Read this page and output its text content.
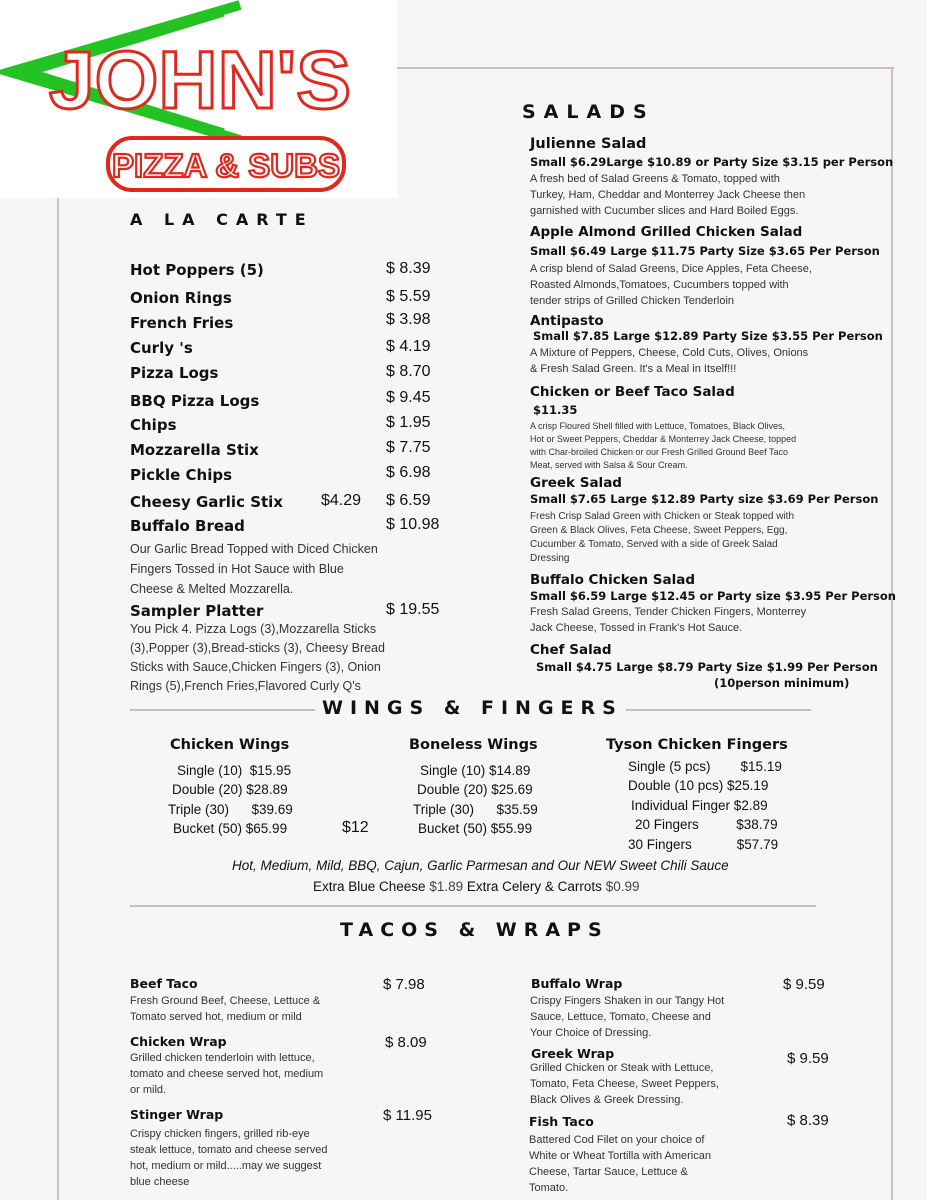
JOHN'S
PIZZA & SUBS
A LA CARTE
Hot Poppers (5)	$ 8.39
Onion Rings	$ 5.59
French Fries	$ 3.98
Curly 's	$ 4.19
Pizza Logs	$ 8.70
BBQ Pizza Logs	$ 9.45
Chips	$ 1.95
Mozzarella Stix	$ 7.75
Pickle Chips	$ 6.98
Cheesy Garlic Stix $4.29 $ 6.59
Buffalo Bread	$ 10.98
Our Garlic Bread Topped with Diced Chicken
Fingers Tossed in Hot Sauce with Blue
Cheese & Melted Mozzarella.
Sampler Platter	$ 19.55
You Pick 4. Pizza Logs (3),Mozzarella Sticks
(3),Popper (3),Bread-sticks (3), Cheesy Bread
Sticks with Sauce,Chicken Fingers (3), Onion
Rings (5),French Fries,Flavored Curly Q's
SALADS
Julienne Salad
Small $6.29Large $10.89 or Party Size $3.15 per Person
A fresh bed of Salad Greens & Tomato, topped with
Turkey, Ham, Cheddar and Monterrey Jack Cheese then
garnished with Cucumber slices and Hard Boiled Eggs.
Apple Almond Grilled Chicken Salad
Small $6.49 Large $11.75 Party Size $3.65 Per Person
A crisp blend of Salad Greens, Dice Apples, Feta Cheese,
Roasted Almonds,Tomatoes, Cucumbers topped with
tender strips of Grilled Chicken Tenderloin
Antipasto
Small $7.85 Large $12.89 Party Size $3.55 Per Person
A Mixture of Peppers, Cheese, Cold Cuts, Olives, Onions
& Fresh Salad Green. It's a Meal in Itself!!!
Chicken or Beef Taco Salad
$11.35
A crisp Floured Shell filled with Lettuce, Tomatoes, Black Olives,
Hot or Sweet Peppers, Cheddar & Monterrey Jack Cheese, topped
with Char-broiled Chicken or our Fresh Grilled Ground Beef Taco
Meat, served with Salsa & Sour Cream.
Greek Salad
Small $7.65 Large $12.89 Party size $3.69 Per Person
Fresh Crisp Salad Green with Chicken or Steak topped with
Green & Black Olives, Feta Cheese, Sweet Peppers, Egg,
Cucumber & Tomato, Served with a side of Greek Salad
Dressing
Buffalo Chicken Salad
Small $6.59 Large $12.45 or Party size $3.95 Per Person
Fresh Salad Greens, Tender Chicken Fingers, Monterrey
Jack Cheese, Tossed in Frank's Hot Sauce.
Chef Salad
Small $4.75 Large $8.79 Party Size $1.99 Per Person
(10person minimum)
WINGS & FINGERS
Chicken Wings
Single (10)  $15.95
Double (20) $28.89
Triple (30)      $39.69
Bucket (50) $65.99	$12
Boneless Wings
Single (10) $14.89
Double (20) $25.69
Triple (30)      $35.59
Bucket (50) $55.99
Tyson Chicken Fingers
Single (5 pcs)        $15.19
Double (10 pcs) $25.19
Individual Finger $2.89
20 Fingers          $38.79
30 Fingers            $57.79
Hot, Medium, Mild, BBQ, Cajun, Garlic Parmesan and Our NEW Sweet Chili Sauce
Extra Blue Cheese $1.89 Extra Celery & Carrots $0.99
TACOS & WRAPS
Beef Taco	$ 7.98
Fresh Ground Beef, Cheese, Lettuce &
Tomato served hot, medium or mild
Chicken Wrap	$ 8.09
Grilled chicken tenderloin with lettuce,
tomato and cheese served hot, medium
or mild.
Stinger Wrap	$ 11.95
Crispy chicken fingers, grilled rib-eye
steak lettuce, tomato and cheese served
hot, medium or mild.....may we suggest
blue cheese
Buffalo Wrap	$ 9.59
Crispy Fingers Shaken in our Tangy Hot
Sauce, Lettuce, Tomato, Cheese and
Your Choice of Dressing.
Greek Wrap	$ 9.59
Grilled Chicken or Steak with Lettuce,
Tomato, Feta Cheese, Sweet Peppers,
Black Olives & Greek Dressing.
Fish Taco	$ 8.39
Battered Cod Filet on your choice of
White or Wheat Tortilla with American
Cheese, Tartar Sauce, Lettuce &
Tomato.
